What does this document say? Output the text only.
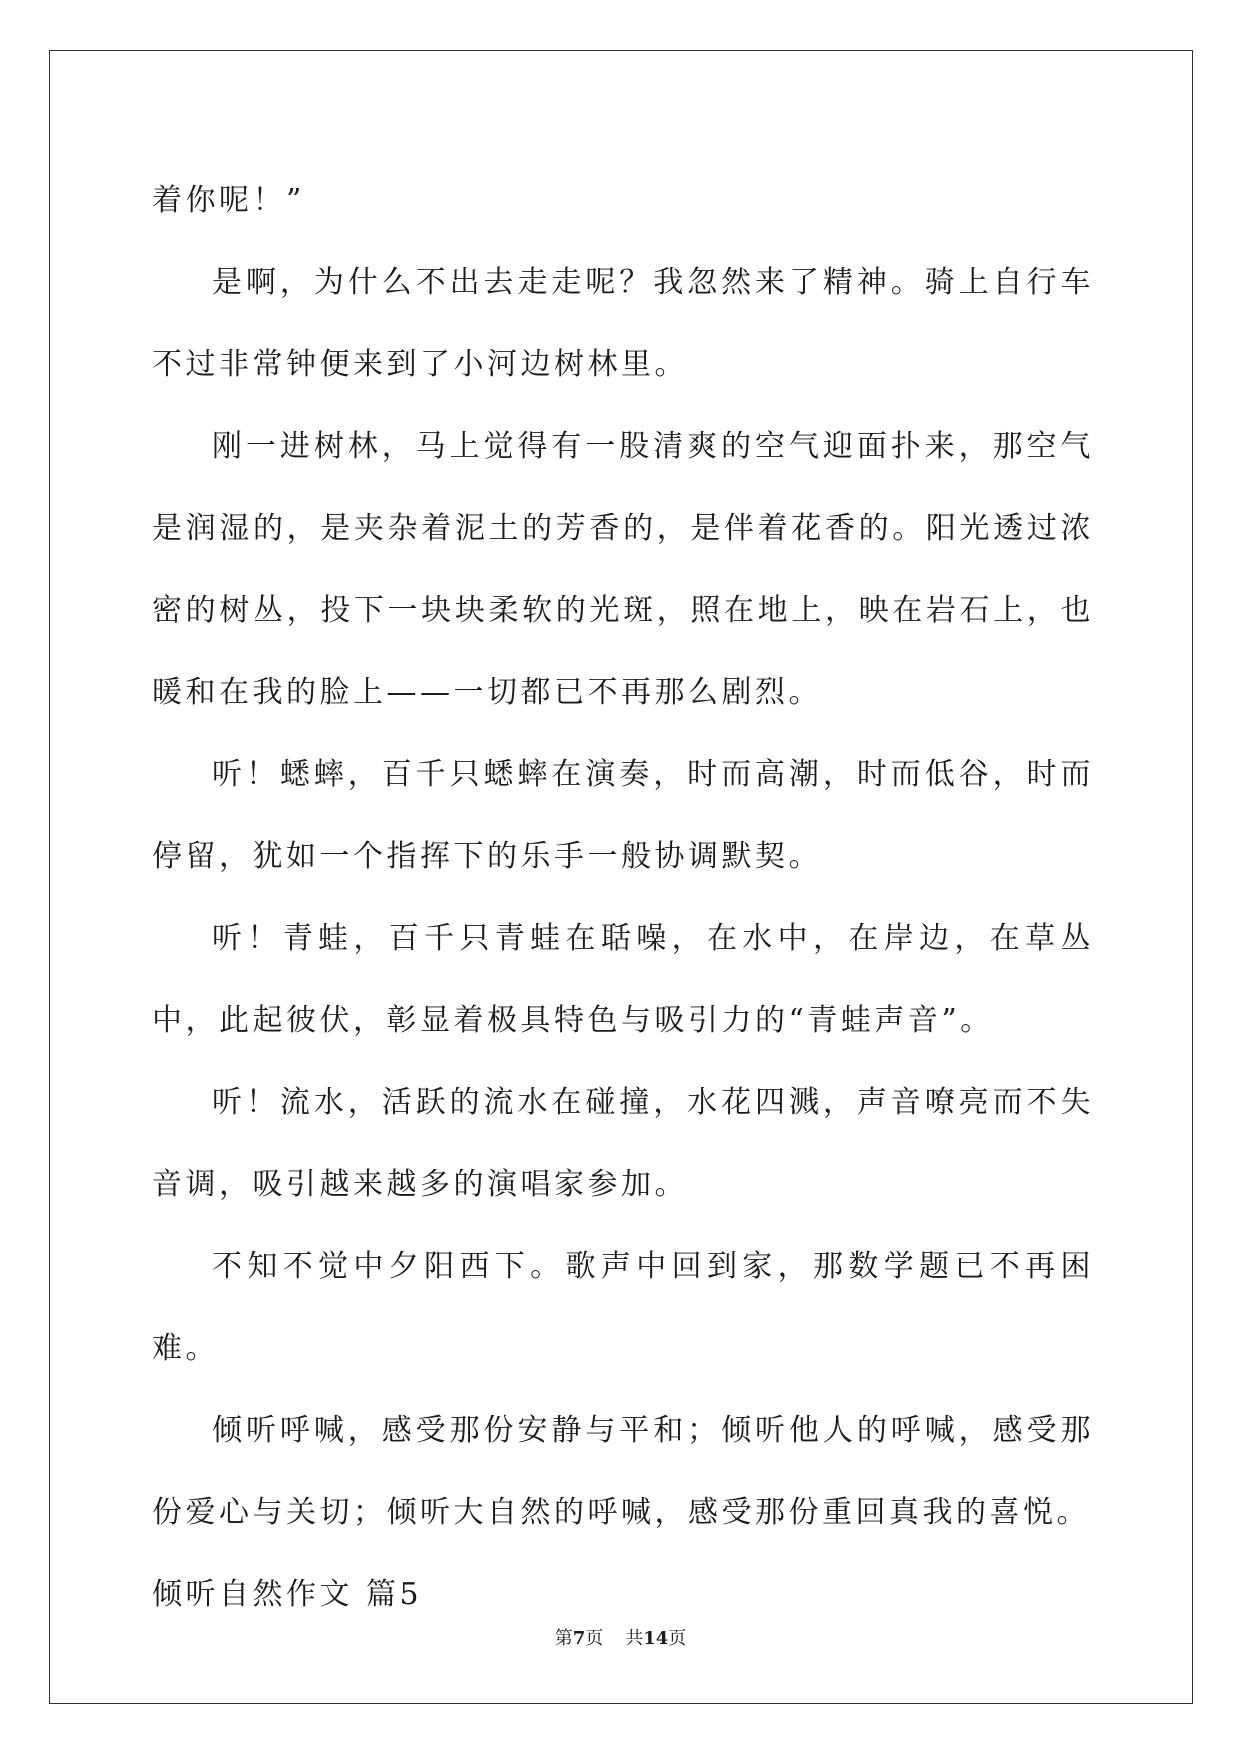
着你呢！”

是啊，为什么不出去走走呢？我忽然来了精神。骑上自行车不过非常钟便来到了小河边树林里。

刚一进树林，马上觉得有一股清爽的空气迎面扑来，那空气是润湿的，是夹杂着泥土的芳香的，是伴着花香的。阳光透过浓密的树丛，投下一块块柔软的光斑，照在地上，映在岩石上，也暖和在我的脸上——一切都已不再那么剧烈。

听！蟋蟀，百千只蟋蟀在演奏，时而高潮，时而低谷，时而停留，犹如一个指挥下的乐手一般协调默契。

听！青蛙，百千只青蛙在聒噪，在水中，在岸边，在草丛中，此起彼伏，彰显着极具特色与吸引力的“青蛙声音”。

听！流水，活跃的流水在碰撞，水花四溅，声音嘹亮而不失音调，吸引越来越多的演唱家参加。

不知不觉中夕阳西下。歌声中回到家，那数学题已不再困难。

倾听呼喊，感受那份安静与平和；倾听他人的呼喊，感受那份爱心与关切；倾听大自然的呼喊，感受那份重回真我的喜悦。

倾听自然作文 篇5

第7页 共14页
